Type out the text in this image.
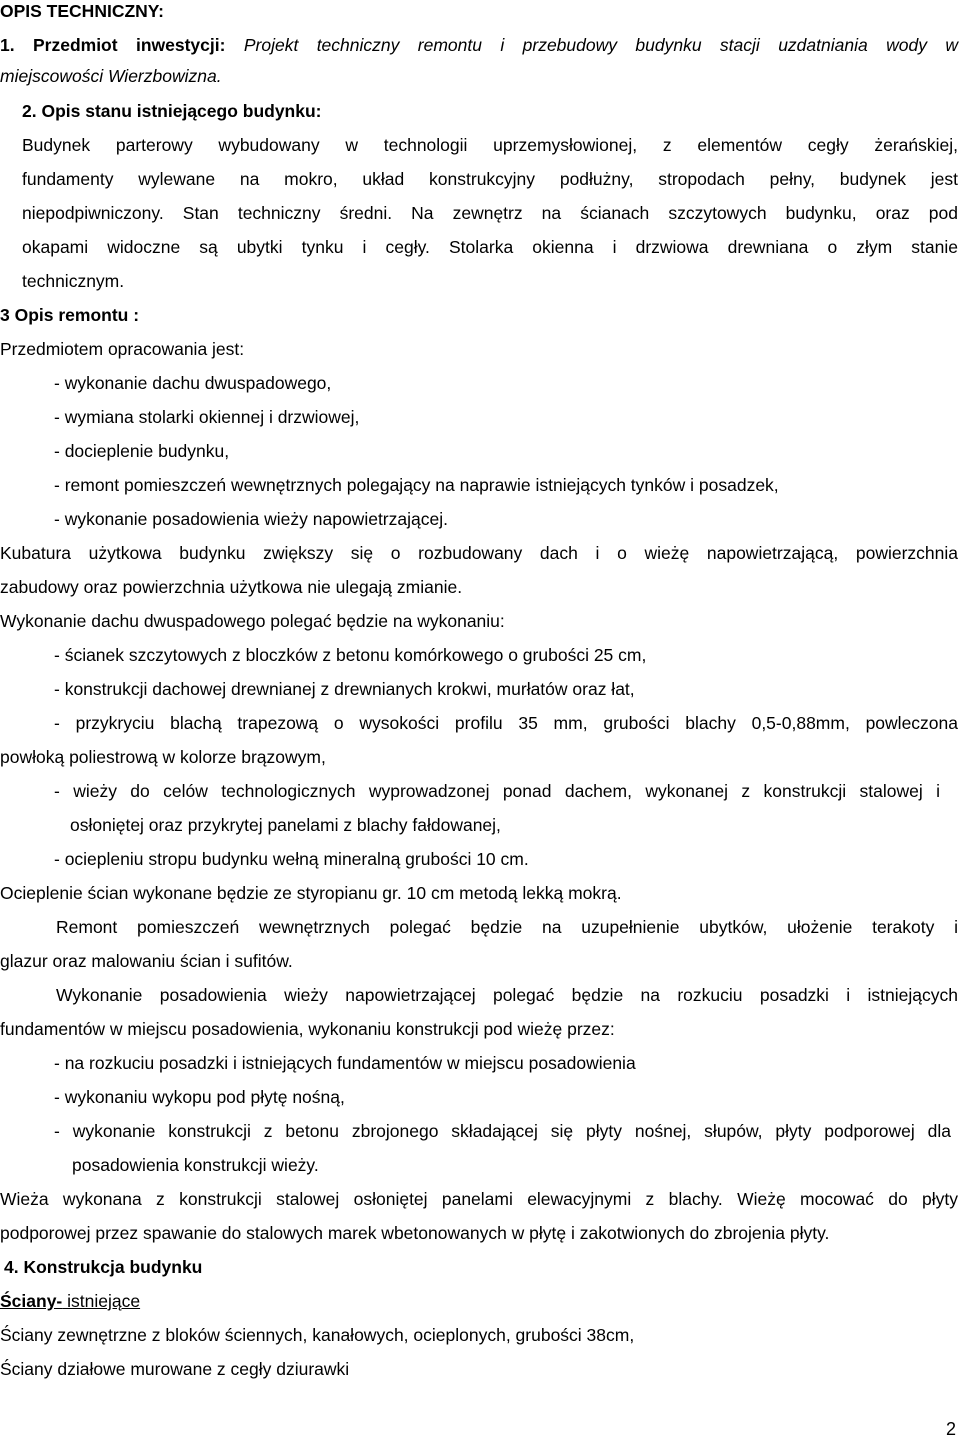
OPIS TECHNICZNY:

1. Przedmiot inwestycji: Projekt techniczny remontu i przebudowy budynku stacji uzdatniania wody w

miejscowości Wierzbowizna.

2. Opis stanu istniejącego budynku:

Budynek parterowy wybudowany w technologii uprzemysłowionej, z elementów cegły żerańskiej,

fundamenty wylewane na mokro, układ konstrukcyjny podłużny, stropodach pełny, budynek jest

niepodpiwniczony. Stan techniczny średni. Na zewnętrz na ścianach szczytowych budynku, oraz pod

okapami widoczne są ubytki tynku i cegły. Stolarka okienna i drzwiowa drewniana o złym stanie

technicznym.

3 Opis remontu :

Przedmiotem opracowania jest:

- wykonanie dachu dwuspadowego,

- wymiana stolarki okiennej i drzwiowej,

- docieplenie budynku,

- remont pomieszczeń wewnętrznych polegający na naprawie istniejących tynków i posadzek,

- wykonanie posadowienia wieży napowietrzającej.

Kubatura użytkowa budynku zwiększy się o rozbudowany dach i o wieżę napowietrzającą, powierzchnia

zabudowy oraz powierzchnia użytkowa nie ulegają zmianie.

Wykonanie dachu dwuspadowego polegać będzie na wykonaniu:

- ścianek szczytowych z bloczków z betonu komórkowego o grubości 25 cm,

- konstrukcji dachowej drewnianej z drewnianych krokwi, murłatów oraz łat,

- przykryciu blachą trapezową o wysokości profilu 35 mm, grubości blachy 0,5-0,88mm, powleczona

powłoką poliestrową w kolorze brązowym,

- wieży do celów technologicznych wyprowadzonej ponad dachem, wykonanej z konstrukcji stalowej i

osłoniętej oraz przykrytej panelami z blachy fałdowanej,

- ociepleniu stropu budynku wełną mineralną grubości 10 cm.

Ocieplenie ścian wykonane będzie ze styropianu gr. 10 cm metodą lekką mokrą.

Remont pomieszczeń wewnętrznych polegać będzie na uzupełnienie ubytków, ułożenie terakoty i

glazur oraz malowaniu ścian i sufitów.

Wykonanie posadowienia wieży napowietrzającej polegać będzie na rozkuciu posadzki i istniejących

fundamentów w miejscu posadowienia, wykonaniu konstrukcji pod wieżę przez:

- na rozkuciu posadzki i istniejących fundamentów w miejscu posadowienia

- wykonaniu wykopu pod płytę nośną,

- wykonanie konstrukcji z betonu zbrojonego składającej się płyty nośnej, słupów, płyty podporowej dla

posadowienia konstrukcji wieży.

Wieża wykonana z konstrukcji stalowej osłoniętej panelami elewacyjnymi z blachy. Wieżę mocować do płyty

podporowej przez spawanie do stalowych marek wbetonowanych w płytę i zakotwionych do zbrojenia płyty.

4. Konstrukcja budynku

Ściany- istniejące

Ściany zewnętrzne z bloków ściennych, kanałowych, ocieplonych, grubości 38cm,

Ściany działowe murowane z cegły dziurawki

2
